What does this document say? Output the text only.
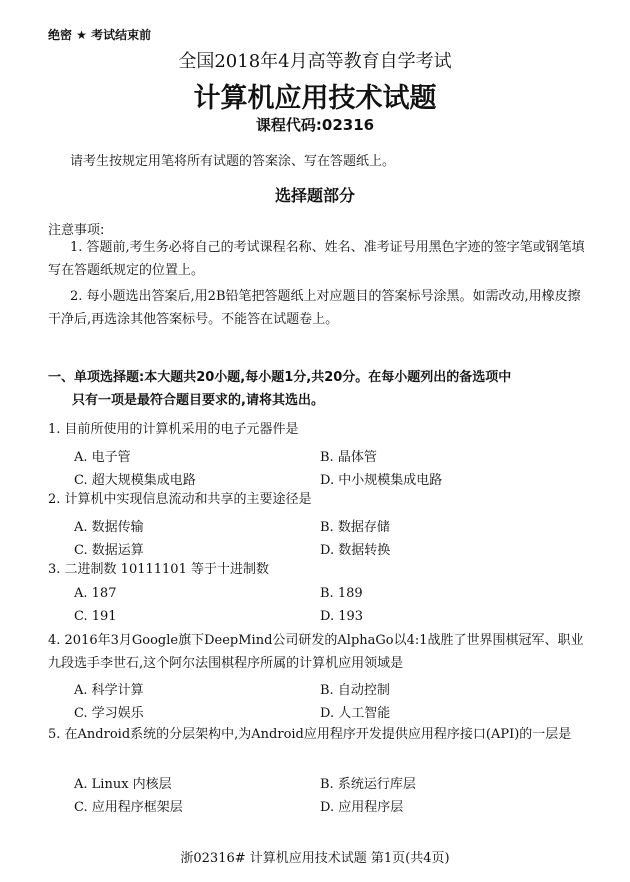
绝密 ★ 考试结束前
全国2018年4月高等教育自学考试
计算机应用技术试题
课程代码:02316
请考生按规定用笔将所有试题的答案涂、写在答题纸上。
选择题部分
注意事项:
1. 答题前,考生务必将自己的考试课程名称、姓名、准考证号用黑色字迹的签字笔或钢笔填写在答题纸规定的位置上。
2. 每小题选出答案后,用2B铅笔把答题纸上对应题目的答案标号涂黑。如需改动,用橡皮擦干净后,再选涂其他答案标号。不能答在试题卷上。
一、单项选择题:本大题共20小题,每小题1分,共20分。在每小题列出的备选项中
只有一项是最符合题目要求的,请将其选出。
1. 目前所使用的计算机采用的电子元器件是
A. 电子管	B. 晶体管
C. 超大规模集成电路	D. 中小规模集成电路
2. 计算机中实现信息流动和共享的主要途径是
A. 数据传输	B. 数据存储
C. 数据运算	D. 数据转换
3. 二进制数 10111101 等于十进制数
A. 187	B. 189
C. 191	D. 193
4. 2016年3月Google旗下DeepMind公司研发的AlphaGo以4:1战胜了世界围棋冠军、职业九段选手李世石,这个阿尔法围棋程序所属的计算机应用领域是
A. 科学计算	B. 自动控制
C. 学习娱乐	D. 人工智能
5. 在Android系统的分层架构中,为Android应用程序开发提供应用程序接口(API)的一层是
A. Linux 内核层	B. 系统运行库层
C. 应用程序框架层	D. 应用程序层
浙02316# 计算机应用技术试题 第1页(共4页)
